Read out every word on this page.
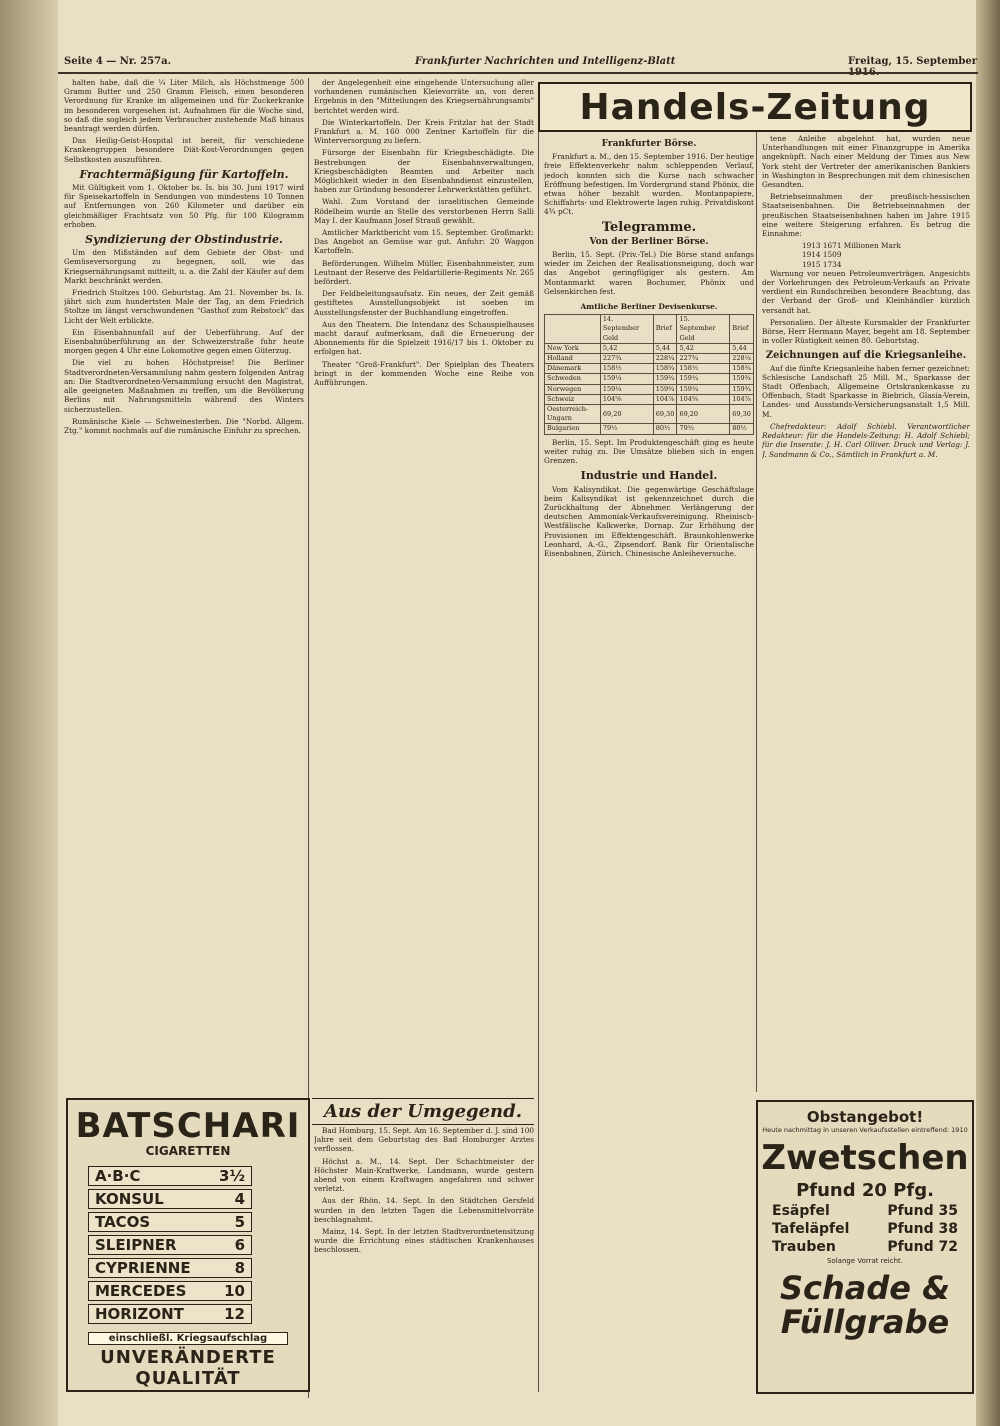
Seite 4 — Nr. 257a.	Frankfurter Nachrichten und Intelligenz-Blatt	Freitag, 15. September

halten habe, daß die ¼ Liter Milch, als Höchstmenge 500 Gramm Butter und 250 Gramm Fleisch, einen besonderen Verordnung für Kranke im allgemeinen und für Zuckerkranke im besonderen vorgesehen ist. Aufnahmen für die Woche sind, so daß die sogleich jedem Verbraucher zustehende Maß hinaus beantragt werden dürfen.

Das Heilig-Geist-Hospital ist bereit, für verschiedene Krankengruppen besondere Diät-Kost-Verordnungen gegen Selbstkosten auszuführen.

Frachtermäßigung für Kartoffeln.

Mit Gültigkeit vom 1. Oktober bs. Is. bis 30. Juni 1917 wird für Speisekartoffeln in Sendungen von mindestens 10 Tonnen auf Entfernungen von 260 Kilometer und darüber ein gleichmäßiger Frachtsatz von 50 Pfg. für 100 Kilogramm erhoben.

Syndizierung der Obstindustrie.

Um den Mißständen auf dem Gebiete der Obst- und Gemüseversorgung zu begegnen, soll, wie das Kriegsernährungsamt mitteilt, u. a. die Zahl der Käufer auf dem Markt beschränkt werden.

Friedrich Stoltzes 100. Geburtstag. Am 21. November bs. Is. jährt sich zum hundertsten Male der Tag, an dem Friedrich Stoltze im längst verschwundenen "Gasthof zum Rebstock" das Licht der Welt erblickte.

Ein Eisenbahnunfall auf der Ueberführung. Auf der Eisenbahnüberführung an der Schweizerstraße fuhr heute morgen gegen 4 Uhr eine Lokomotive gegen einen Güterzug.

Die viel zu hohen Höchstpreise! Die Berliner Stadtverordneten-Versammlung nahm gestern folgenden Antrag an: Die Stadtverordneten-Versammlung ersucht den Magistrat, alle geeigneten Maßnahmen zu treffen, um die Bevölkerung Berlins mit Nahrungsmitteln während des Winters sicherzustellen.

Rumänische Kiele — Schweinesterben. Die "Norbd. Allgem. Ztg." kommt nochmals auf die rumänische Einfuhr zu sprechen.

der Angelegenheit eine eingehende Untersuchung aller vorhandenen rumänischen Kleievorräte an, von deren Ergebnis in den "Mitteilungen des Kriegsernährungsamts" berichtet werden wird.

Die Winterkartoffeln. Der Kreis Fritzlar hat der Stadt Frankfurt a. M. 160 000 Zentner Kartoffeln für die Winterversorgung zu liefern.

Fürsorge der Eisenbahn für Kriegsbeschädigte. Die Bestrebungen der Eisenbahnverwaltungen, Kriegsbeschädigten Beamten und Arbeiter nach Möglichkeit wieder in den Eisenbahndienst einzustellen, haben zur Gründung besonderer Lehrwerkstätten geführt.

Wahl. Zum Vorstand der israelitischen Gemeinde Rödelheim wurde an Stelle des verstorbenen Herrn Salli May I. der Kaufmann Josef Strauß gewählt.

Amtlicher Marktbericht vom 15. September. Großmarkt: Das Angebot an Gemüse war gut. Anfuhr: 20 Waggon Kartoffeln.

Beförderungen. Wilhelm Müller, Eisenbahnmeister, zum Leutnant der Reserve des Feldartillerie-Regiments Nr. 265 befördert.

Der Feldbeleitungsaufsatz. Ein neues, der Zeit gemäß gestiftetes Ausstellungsobjekt ist soeben im Ausstellungsfenster der Buchhandlung eingetroffen.

Aus den Theatern. Die Intendanz des Schauspielhauses macht darauf aufmerksam, daß die Erneuerung der Abonnements für die Spielzeit 1916/17 bis 1. Oktober zu erfolgen hat.

Theater "Groß-Frankfurt". Der Spielplan des Theaters bringt in der kommenden Woche eine Reihe von Aufführungen.

Aus der Umgegend.

Bad Homburg, 15. Sept. Am 16. September d. J. sind 100 Jahre seit dem Geburtstag des Bad Homburger Arztes verflossen.

Höchst a. M., 14. Sept. Der Schachtmeister der Höchster Main-Kraftwerke, Landmann, wurde gestern abend von einem Kraftwagen angefahren und schwer verletzt.

Aus der Rhön, 14. Sept. In den Städtchen Gersfeld wurden in den letzten Tagen die Lebensmittelvorräte beschlagnahmt.

Mainz, 14. Sept. In der letzten Stadtverordnetensitzung wurde die Errichtung eines städtischen Krankenhauses beschlossen.

Handels-Zeitung
Frankfurter Börse.

Frankfurt a. M., den 15. September 1916. Der heutige freie Effektenverkehr nahm schleppenden Verlauf, jedoch konnten sich die Kurse nach schwacher Eröffnung befestigen. Im Vordergrund stand Phönix, die etwas höher bezahlt wurden. Montanpapiere, Schiffahrts- und Elektrowerte lagen ruhig. Privatdiskont 4¾ pCt.

Telegramme.
Von der Berliner Börse.

Berlin, 15. Sept. (Priv.-Tel.) Die Börse stand anfangs wieder im Zeichen der Realisationsneigung, doch war das Angebot geringfügiger als gestern. Am Montanmarkt waren Bochumer, Phönix und Gelsenkirchen fest.

Amtliche Berliner Devisenkurse.
	14. September Geld	Brief	15. September Geld	Brief
New York	5,42	5,44	5,42	5,44
Holland	227¾	228¼	227¾	228¼
Dänemark	158½	158¾	158½	158¾
Schweden	159¼	159¾	159¼	159¾
Norwegen	159¼	159¾	159¼	159¾
Schweiz	104⅝	104⅞	104⅝	104⅞
Oesterreich-Ungarn	69,20	69,30	69,20	69,30
Bulgarien	79½	80½	79½	80½

Berlin, 15. Sept. Im Produktengeschäft ging es heute weiter ruhig zu. Die Umsätze blieben sich in engen Grenzen.

Industrie und Handel.

Vom Kalisyndikat. Die gegenwärtige Geschäftslage beim Kalisyndikat ist gekennzeichnet durch die Zurückhaltung der Abnehmer. Verlängerung der deutschen Ammoniak-Verkaufsvereinigung. Rheinisch-Westfälische Kalkwerke, Dornap. Zur Erhöhung der Provisionen im Effektengeschäft. Braunkohlenwerke Leonhard, A.-G., Zipsendorf. Bank für Orientalische Eisenbahnen, Zürich. Chinesische Anleiheversuche.

tene Anleihe abgelehnt hat, wurden neue Unterhandlungen mit einer Finanzgruppe in Amerika angeknüpft. Nach einer Meldung der Times aus New York steht der Vertreter der amerikanischen Bankiers in Washington in Besprechungen mit dem chinesischen Gesandten.

Betriebseinnahmen der preußisch-hessischen Staatseisenbahnen. Die Betriebseinnahmen der preußischen Staatseisenbahnen haben im Jahre 1915 eine weitere Steigerung erfahren. Es betrug die Einnahme:

1913 1671 Millionen Mark
1914 1509
1915 1734

Warnung vor neuen Petroleumverträgen. Angesichts der Vorkehrungen des Petroleum-Verkaufs an Private verdient ein Rundschreiben besondere Beachtung, das der Verband der Groß- und Kleinhändler kürzlich versandt hat.

Personalien. Der älteste Kursmakler der Frankfurter Börse, Herr Hermann Mayer, begeht am 18. September in voller Rüstigkeit seinen 80. Geburtstag.

Zeichnungen auf die Kriegsanleihe.

Auf die fünfte Kriegsanleihe haben ferner gezeichnet: Schlesische Landschaft 25 Mill. M., Sparkasse der Stadt Offenbach, Allgemeine Ortskrankenkasse zu Offenbach, Stadt Sparkasse in Biebrich, Glasia-Verein, Landes- und Ausstands-Versicherungsanstalt 1,5 Mill. M.

Chefredakteur: Adolf Schiebl. Verantwortlicher Redakteur: für die Handels-Zeitung: H. Adolf Schiebl; für die Inserate: J. H. Carl Olliver. Druck und Verlag: J. J. Sandmann & Co., Sämtlich in Frankfurt a. M.

BATSCHARI
CIGARETTEN
A·B·C	3½
KONSUL	4
TACOS	5
SLEIPNER	6
CYPRIENNE	8
MERCEDES	10
HORIZONT	12
einschließl. Kriegsaufschlag
UNVERÄNDERTE QUALITÄT
Obstangebot!
Heute nachmittag in unseren Verkaufsstellen eintreffend: 1910
Zwetschen
Pfund 20 Pfg.
Esäpfel	Pfund 35
Tafeläpfel	Pfund 38
Trauben	Pfund 72
Solange Vorrat reicht.
Schade & Füllgrabe
